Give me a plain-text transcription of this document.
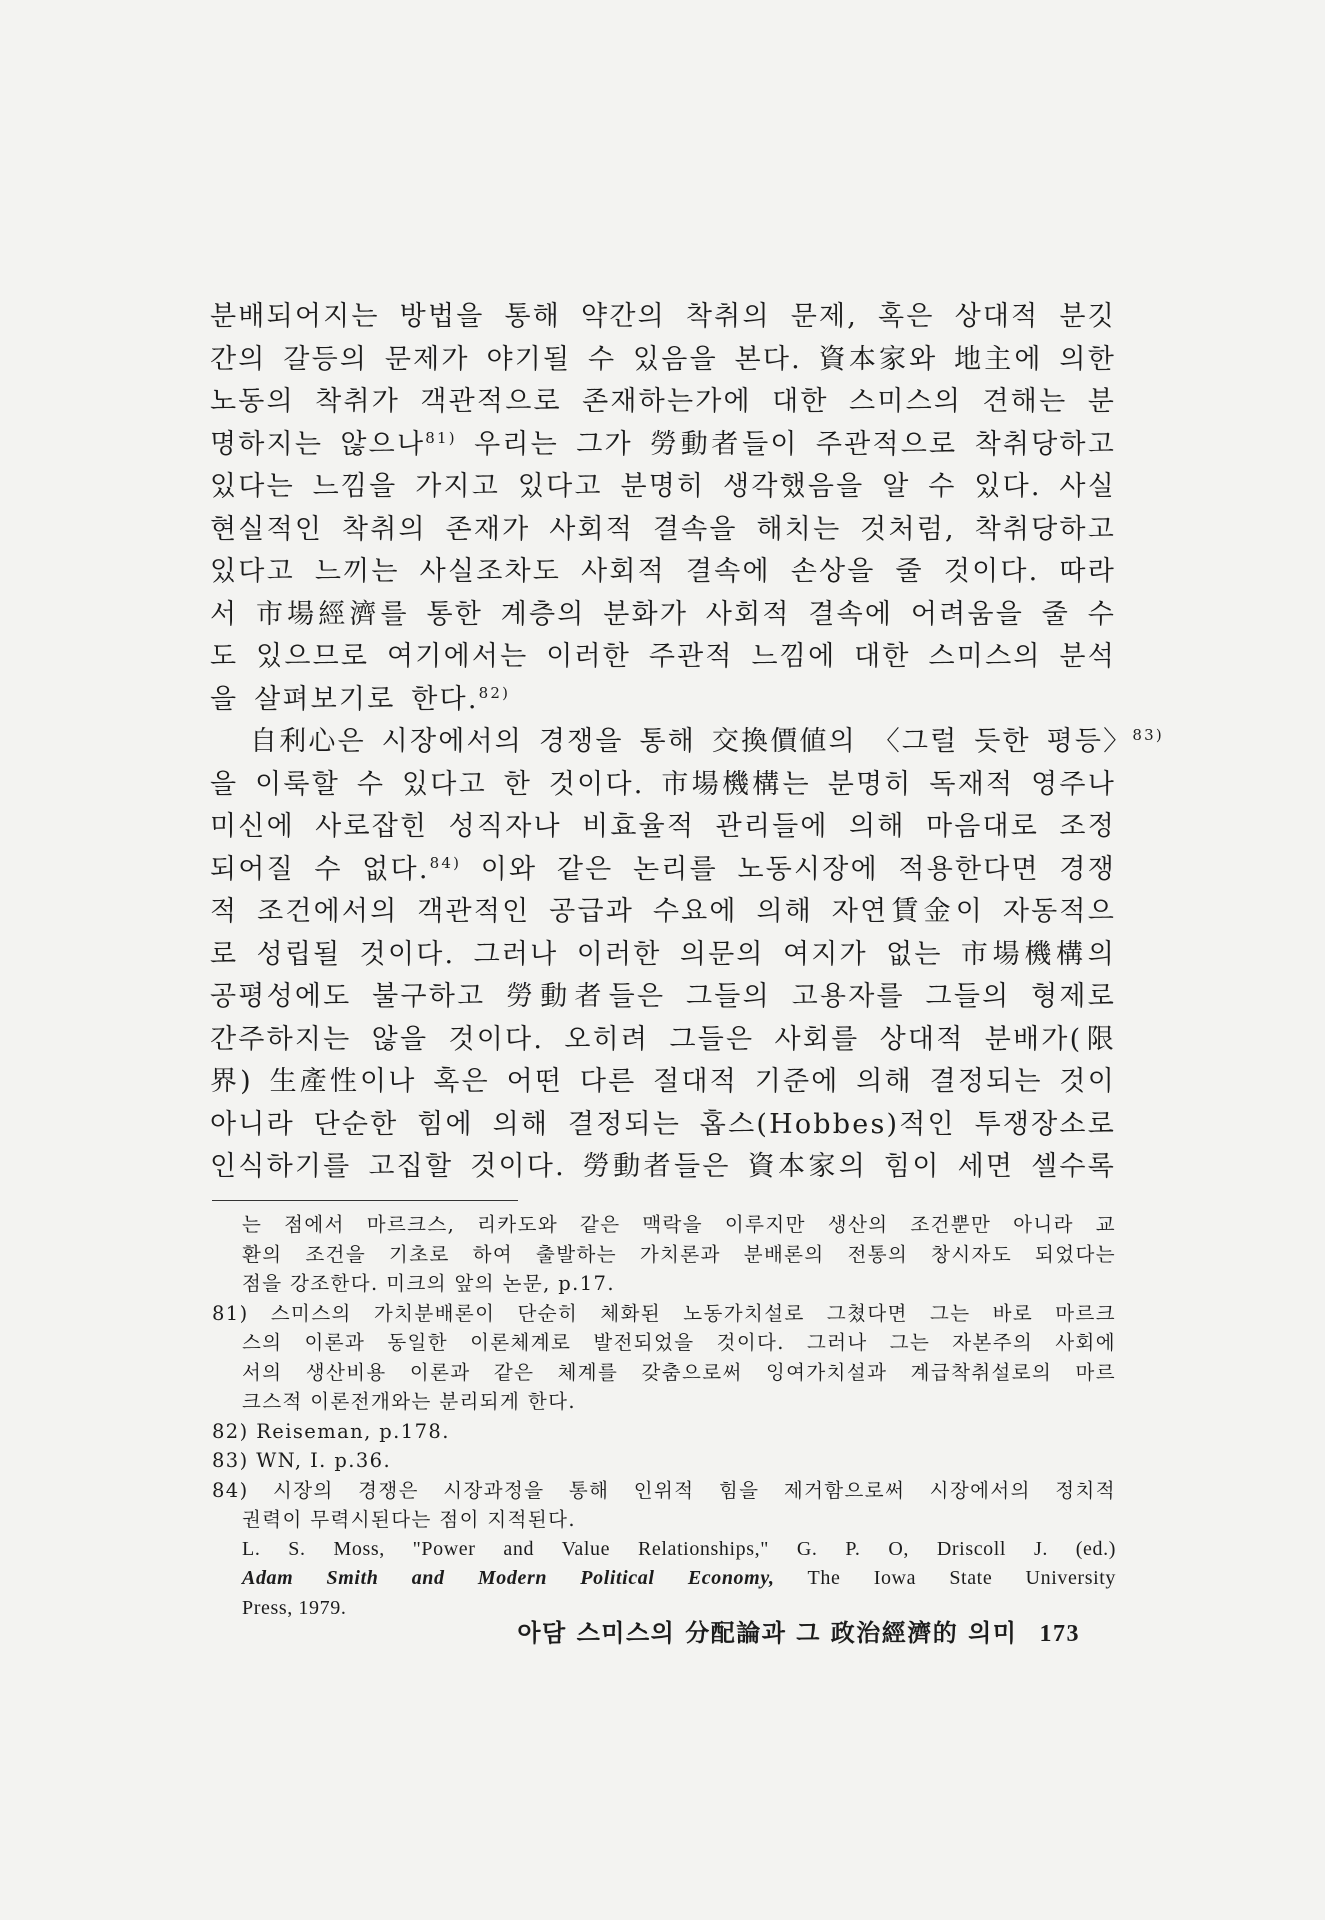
분배되어지는 방법을 통해 약간의 착취의 문제, 혹은 상대적 분깃
간의 갈등의 문제가 야기될 수 있음을 본다. 資本家와 地主에 의한
노동의 착취가 객관적으로 존재하는가에 대한 스미스의 견해는 분
명하지는 않으나$^{81)}$ 우리는 그가 勞動者들이 주관적으로 착취당하고
있다는 느낌을 가지고 있다고 분명히 생각했음을 알 수 있다. 사실
현실적인 착취의 존재가 사회적 결속을 해치는 것처럼, 착취당하고
있다고 느끼는 사실조차도 사회적 결속에 손상을 줄 것이다. 따라
서 市場經濟를 통한 계층의 분화가 사회적 결속에 어려움을 줄 수
도 있으므로 여기에서는 이러한 주관적 느낌에 대한 스미스의 분석
을 살펴보기로 한다.$^{82)}$
自利心은 시장에서의 경쟁을 통해 交換價値의 〈그럴 듯한 평등〉$^{83)}$
을 이룩할 수 있다고 한 것이다. 市場機構는 분명히 독재적 영주나
미신에 사로잡힌 성직자나 비효율적 관리들에 의해 마음대로 조정
되어질 수 없다.$^{84)}$ 이와 같은 논리를 노동시장에 적용한다면 경쟁
적 조건에서의 객관적인 공급과 수요에 의해 자연賃金이 자동적으
로 성립될 것이다. 그러나 이러한 의문의 여지가 없는 市場機構의
공평성에도 불구하고 勞動者들은 그들의 고용자를 그들의 형제로
간주하지는 않을 것이다. 오히려 그들은 사회를 상대적 분배가(限
界) 生產性이나 혹은 어떤 다른 절대적 기준에 의해 결정되는 것이
아니라 단순한 힘에 의해 결정되는 홉스(Hobbes)적인 투쟁장소로
인식하기를 고집할 것이다. 勞動者들은 資本家의 힘이 세면 셀수록
는 점에서 마르크스, 리카도와 같은 맥락을 이루지만 생산의 조건뿐만 아니라 교
환의 조건을 기초로 하여 출발하는 가치론과 분배론의 전통의 창시자도 되었다는
점을 강조한다. 미크의 앞의 논문, p.17.
81) 스미스의 가치분배론이 단순히 체화된 노동가치설로 그쳤다면 그는 바로 마르크
스의 이론과 동일한 이론체계로 발전되었을 것이다. 그러나 그는 자본주의 사회에
서의 생산비용 이론과 같은 체계를 갖춤으로써 잉여가치설과 계급착취설로의 마르
크스적 이론전개와는 분리되게 한다.
82) Reiseman, p.178.
83) WN, I. p.36.
84) 시장의 경쟁은 시장과정을 통해 인위적 힘을 제거함으로써 시장에서의 정치적
권력이 무력시된다는 점이 지적된다.
L. S. Moss, "Power and Value Relationships," G. P. O, Driscoll J. (ed.)
Adam Smith and Modern Political Economy, The Iowa State University
Press, 1979.
아담 스미스의 分配論과 그 政治經濟的 의미 173
